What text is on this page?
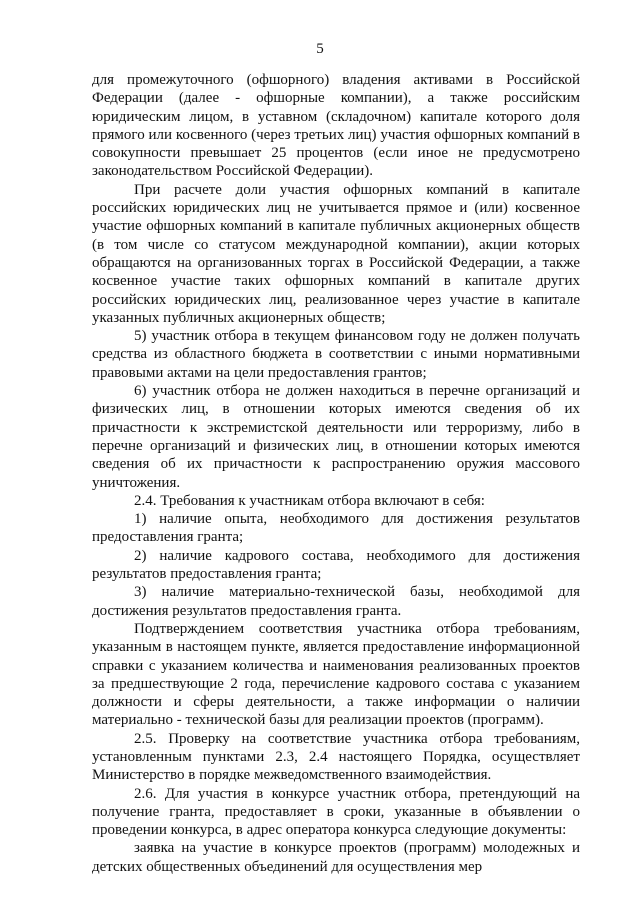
5

для промежуточного (офшорного) владения активами в Российской Федерации (далее - офшорные компании), а также российским юридическим лицом, в уставном (складочном) капитале которого доля прямого или косвенного (через третьих лиц) участия офшорных компаний в совокупности превышает 25 процентов (если иное не предусмотрено законодательством Российской Федерации).

При расчете доли участия офшорных компаний в капитале российских юридических лиц не учитывается прямое и (или) косвенное участие офшорных компаний в капитале публичных акционерных обществ (в том числе со статусом международной компании), акции которых обращаются на организованных торгах в Российской Федерации, а также косвенное участие таких офшорных компаний в капитале других российских юридических лиц, реализованное через участие в капитале указанных публичных акционерных обществ;

5) участник отбора в текущем финансовом году не должен получать средства из областного бюджета в соответствии с иными нормативными правовыми актами на цели предоставления грантов;

6) участник отбора не должен находиться в перечне организаций и физических лиц, в отношении которых имеются сведения об их причастности к экстремистской деятельности или терроризму, либо в перечне организаций и физических лиц, в отношении которых имеются сведения об их причастности к распространению оружия массового уничтожения.

2.4. Требования к участникам отбора включают в себя:

1) наличие опыта, необходимого для достижения результатов предоставления гранта;

2) наличие кадрового состава, необходимого для достижения результатов предоставления гранта;

3) наличие материально-технической базы, необходимой для достижения результатов предоставления гранта.

Подтверждением соответствия участника отбора требованиям, указанным в настоящем пункте, является предоставление информационной справки с указанием количества и наименования реализованных проектов за предшествующие 2 года, перечисление кадрового состава с указанием должности и сферы деятельности, а также информации о наличии материально - технической базы для реализации проектов (программ).

2.5. Проверку на соответствие участника отбора требованиям, установленным пунктами 2.3, 2.4 настоящего Порядка, осуществляет Министерство в порядке межведомственного взаимодействия.

2.6. Для участия в конкурсе участник отбора, претендующий на получение гранта, предоставляет в сроки, указанные в объявлении о проведении конкурса, в адрес оператора конкурса следующие документы:

заявка на участие в конкурсе проектов (программ) молодежных и детских общественных объединений для осуществления мер
